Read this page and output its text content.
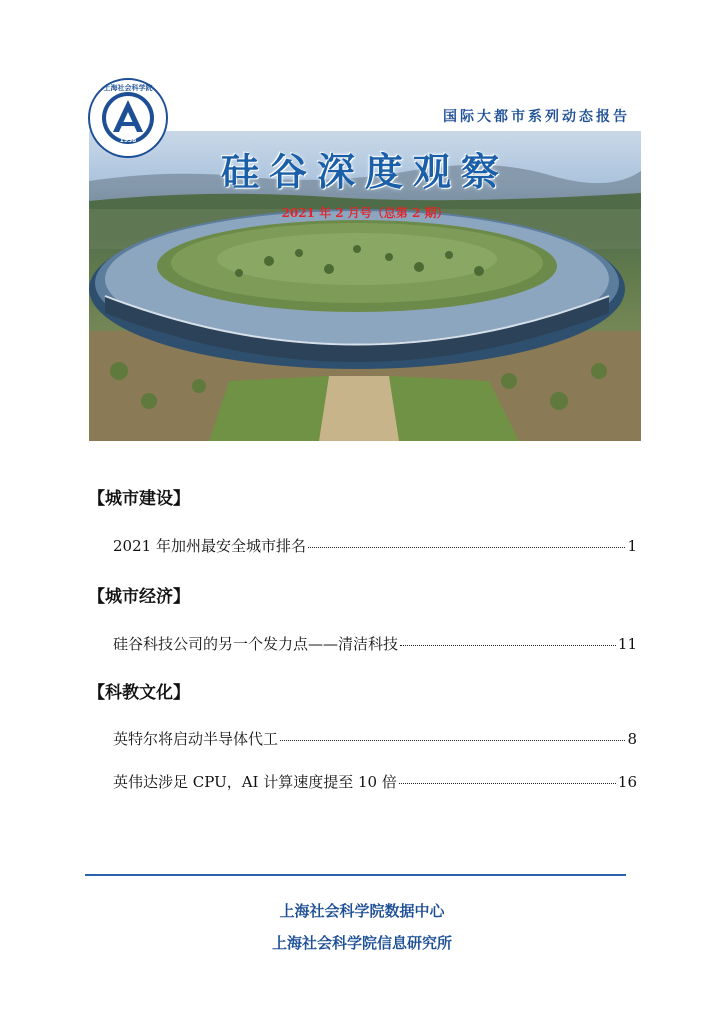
国际大都市系列动态报告
硅谷深度观察
2021 年 2 月号（总第 2 期）
1958
上海社会科学院
【城市建设】
2021 年加州最安全城市排名	1
【城市经济】
硅谷科技公司的另一个发力点——清洁科技	11
【科教文化】
英特尔将启动半导体代工	8
英伟达涉足 CPU，AI 计算速度提至 10 倍	16
上海社会科学院数据中心
上海社会科学院信息研究所
